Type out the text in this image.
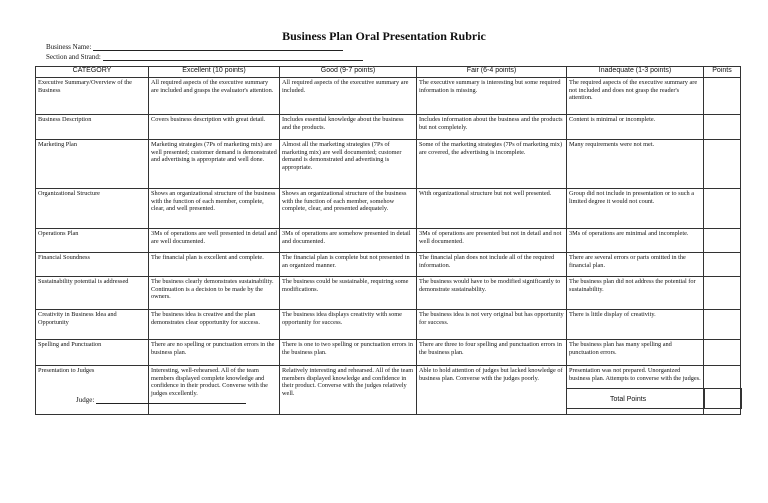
Business Plan Oral Presentation Rubric
Business Name:
Section and Strand:
CATEGORY	Excellent (10 points)	Good (9-7 points)	Fair (6-4 points)	Inadequate (1-3 points)	Points
Executive Summary/Overview of the Business	All required aspects of the executive summary are included and grasps the evaluator's attention.	All required aspects of the executive summary are included.	The executive summary is interesting but some required information is missing.	The required aspects of the executive summary are not included and does not grasp the reader's attention.	
Business Description	Covers business description with great detail.	Includes essential knowledge about the business and the products.	Includes information about the business and the products but not completely.	Content is minimal or incomplete.	
Marketing Plan	Marketing strategies (7Ps of marketing mix) are well presented; customer demand is demonstrated and advertising is appropriate and well done.	Almost all the marketing strategies (7Ps of marketing mix) are well documented; customer demand is demonstrated and advertising is appropriate.	Some of the marketing strategies (7Ps of marketing mix) are covered, the advertising is incomplete.	Many requirements were not met.	
Organizational Structure	Shows an organizational structure of the business with the function of each member, complete, clear, and well presented.	Shows an organizational structure of the business with the function of each member, somehow complete, clear, and presented adequately.	With organizational structure but not well presented.	Group did not include in presentation or to such a limited degree it would not count.	
Operations Plan	3Ms of operations are well presented in detail and are well documented.	3Ms of operations are somehow presented in detail and documented.	3Ms of operations are presented but not in detail and not well documented.	3Ms of operations are minimal and incomplete.	
Financial Soundness	The financial plan is excellent and complete.	The financial plan is complete but not presented in an organized manner.	The financial plan does not include all of the required information.	There are several errors or parts omitted in the financial plan.	
Sustainability potential is addressed	The business clearly demonstrates sustainability. Continuation is a decision to be made by the owners.	The business could be sustainable, requiring some modifications.	The business would have to be modified significantly to demonstrate sustainability.	The business plan did not address the potential for sustainability.	
Creativity in Business Idea and Opportunity	The business idea is creative and the plan demonstrates clear opportunity for success.	The business idea displays creativity with some opportunity for success.	The business idea is not very original but has opportunity for success.	There is little display of creativity.	
Spelling and Punctuation	There are no spelling or punctuation errors in the business plan.	There is one to two spelling or punctuation errors in the business plan.	There are three to four spelling and punctuation errors in the business plan.	The business plan has many spelling and punctuation errors.	
Presentation to Judges	Interesting, well-rehearsed. All of the team members displayed complete knowledge and confidence in their product. Converse with the judges excellently.	Relatively interesting and rehearsed. All of the team members displayed knowledge and confidence in their product. Converse with the judges relatively well.	Able to hold attention of judges but lacked knowledge of business plan. Converse with the judges poorly.	Presentation was not prepared. Unorganized business plan. Attempts to converse with the judges.	
Judge:	Total Points
